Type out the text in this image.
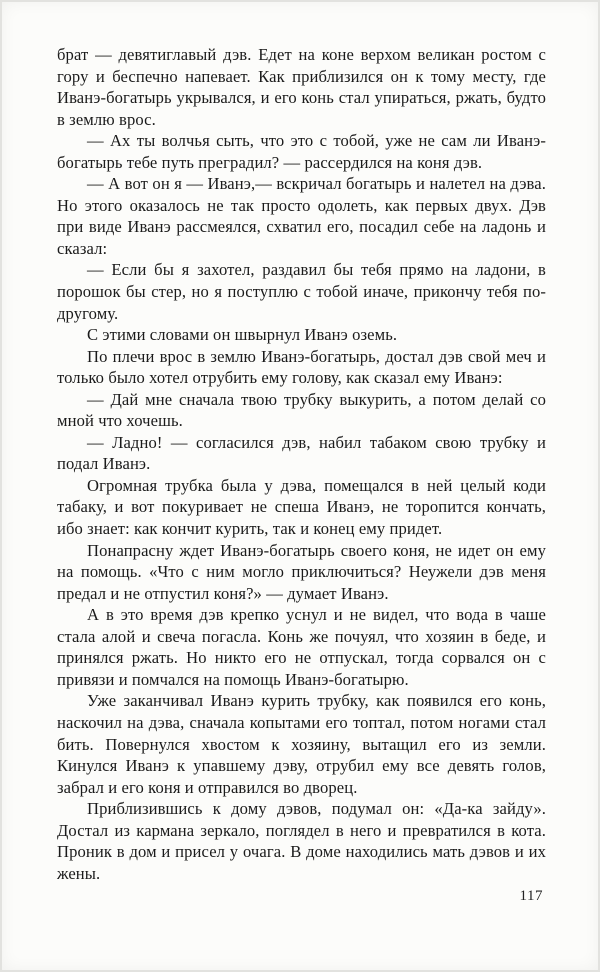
брат — девятиглавый дэв. Едет на коне верхом великан ростом с гору и беспечно напевает. Как приблизился он к тому месту, где Иванэ-богатырь укрывался, и его конь стал упираться, ржать, будто в землю врос.

— Ах ты волчья сыть, что это с тобой, уже не сам ли Иванэ-богатырь тебе путь преградил? — рассердился на коня дэв.

— А вот он я — Иванэ,— вскричал богатырь и налетел на дэва. Но этого оказалось не так просто одолеть, как первых двух. Дэв при виде Иванэ рассмеялся, схватил его, посадил себе на ладонь и сказал:

— Если бы я захотел, раздавил бы тебя прямо на ладони, в порошок бы стер, но я поступлю с тобой иначе, прикончу тебя по-другому.

С этими словами он швырнул Иванэ оземь.

По плечи врос в землю Иванэ-богатырь, достал дэв свой меч и только было хотел отрубить ему голову, как сказал ему Иванэ:

— Дай мне сначала твою трубку выкурить, а потом делай со мной что хочешь.

— Ладно! — согласился дэв, набил табаком свою трубку и подал Иванэ.

Огромная трубка была у дэва, помещался в ней целый коди табаку, и вот покуривает не спеша Иванэ, не торопится кончать, ибо знает: как кончит курить, так и конец ему придет.

Понапрасну ждет Иванэ-богатырь своего коня, не идет он ему на помощь. «Что с ним могло приключиться? Неужели дэв меня предал и не отпустил коня?» — думает Иванэ.

А в это время дэв крепко уснул и не видел, что вода в чаше стала алой и свеча погасла. Конь же почуял, что хозяин в беде, и принялся ржать. Но никто его не отпускал, тогда сорвался он с привязи и помчался на помощь Иванэ-богатырю.

Уже заканчивал Иванэ курить трубку, как появился его конь, наскочил на дэва, сначала копытами его топтал, потом ногами стал бить. Повернулся хвостом к хозяину, вытащил его из земли. Кинулся Иванэ к упавшему дэву, отрубил ему все девять голов, забрал и его коня и отправился во дворец.

Приблизившись к дому дэвов, подумал он: «Да-ка зайду». Достал из кармана зеркало, поглядел в него и превратился в кота. Проник в дом и присел у очага. В доме находились мать дэвов и их жены.

117
